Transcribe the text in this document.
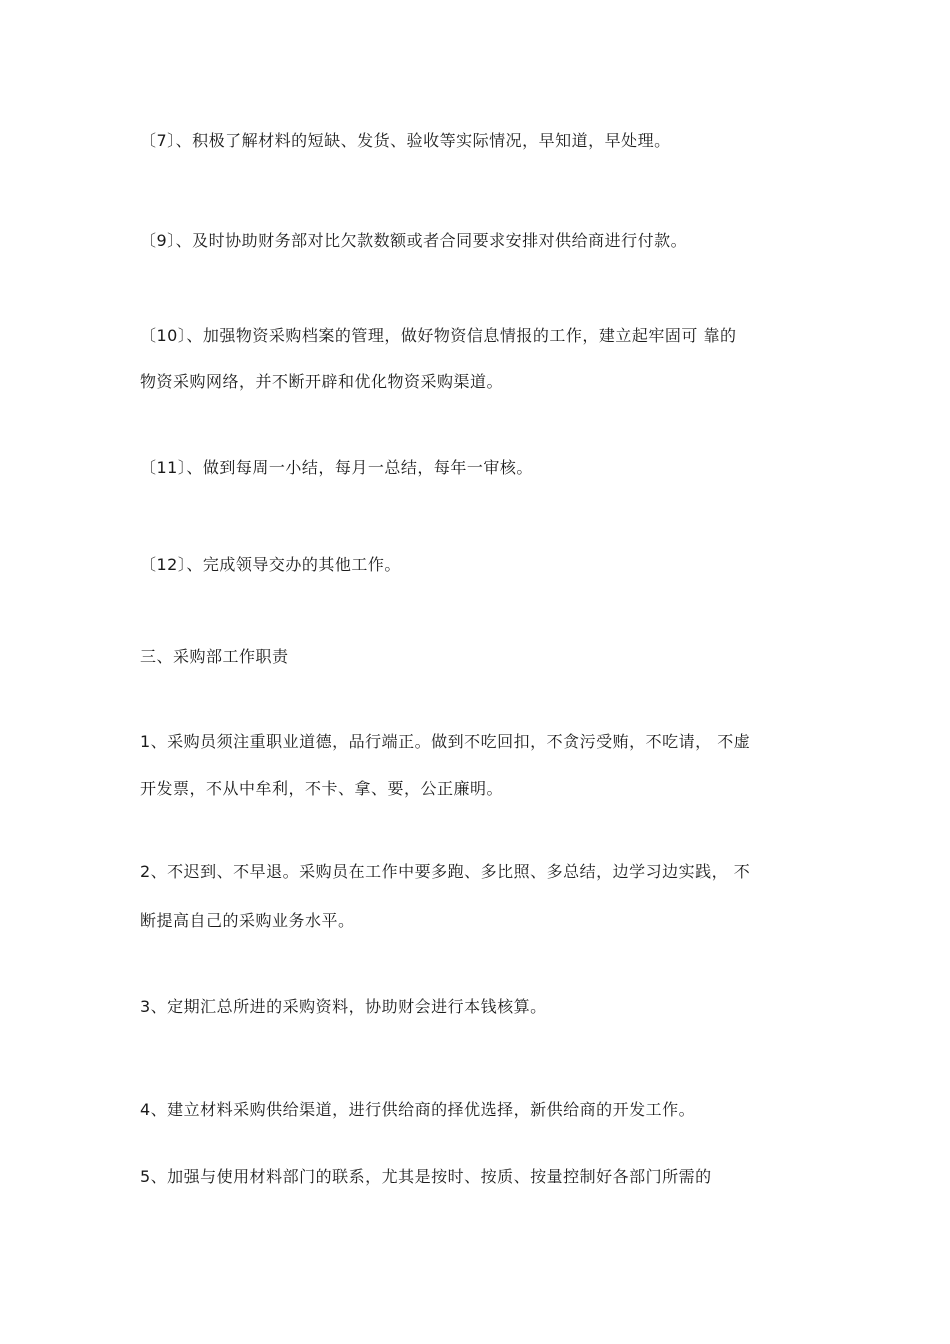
〔7〕、积极了解材料的短缺、发货、验收等实际情况，早知道，早处理。
〔9〕、及时协助财务部对比欠款数额或者合同要求安排对供给商进行付款。
〔10〕、加强物资采购档案的管理，做好物资信息情报的工作，建立起牢固可 靠的
物资采购网络，并不断开辟和优化物资采购渠道。
〔11〕、做到每周一小结，每月一总结，每年一审核。
〔12〕、完成领导交办的其他工作。
三、采购部工作职责
1、采购员须注重职业道德，品行端正。做到不吃回扣，不贪污受贿，不吃请， 不虚
开发票，不从中牟利，不卡、拿、要，公正廉明。
2、不迟到、不早退。采购员在工作中要多跑、多比照、多总结，边学习边实践， 不
断提高自己的采购业务水平。
3、定期汇总所进的采购资料，协助财会进行本钱核算。
4、建立材料采购供给渠道，进行供给商的择优选择，新供给商的开发工作。
5、加强与使用材料部门的联系，尤其是按时、按质、按量控制好各部门所需的
